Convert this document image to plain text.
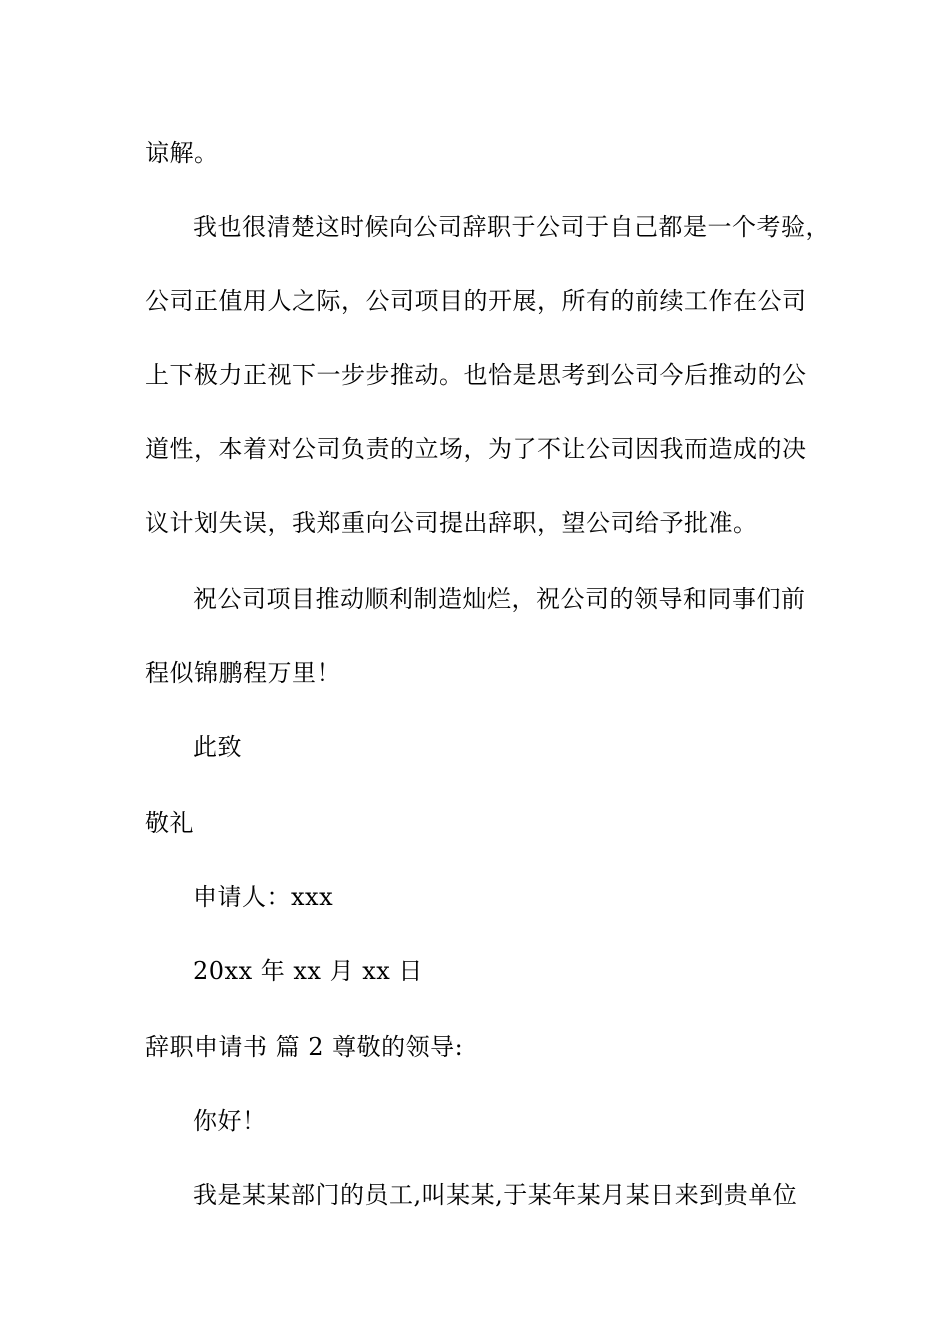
谅解。
我也很清楚这时候向公司辞职于公司于自己都是一个考验，
公司正值用人之际，公司项目的开展，所有的前续工作在公司
上下极力正视下一步步推动。也恰是思考到公司今后推动的公
道性，本着对公司负责的立场，为了不让公司因我而造成的决
议计划失误，我郑重向公司提出辞职，望公司给予批准。
祝公司项目推动顺利制造灿烂，祝公司的领导和同事们前
程似锦鹏程万里！
此致
敬礼
申请人：xxx
20xx 年 xx 月 xx 日
辞职申请书 篇 2 尊敬的领导:
你好！
我是某某部门的员工,叫某某,于某年某月某日来到贵单位
